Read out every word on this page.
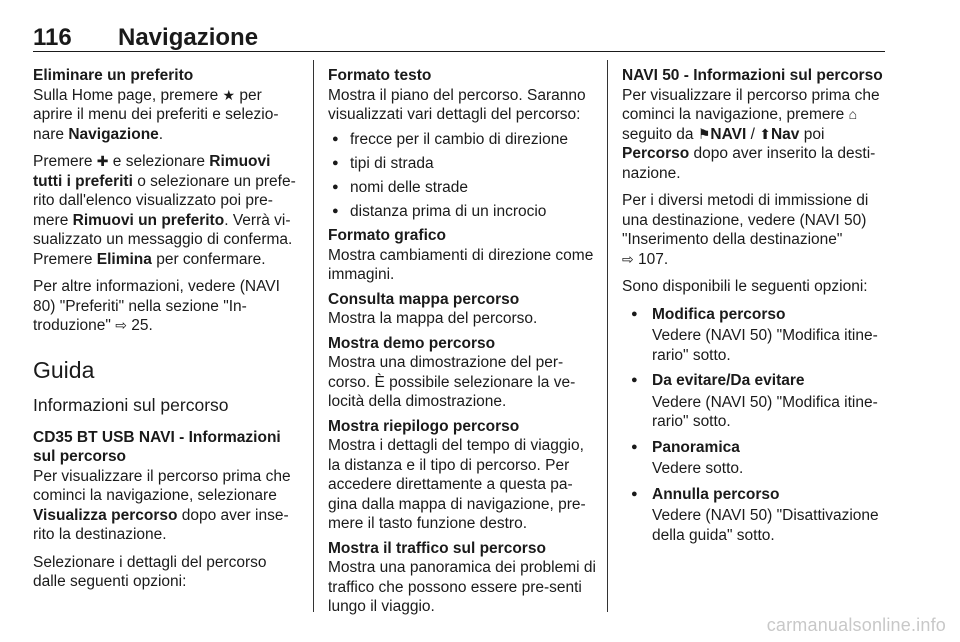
116 Navigazione
Eliminare un preferito

Sulla Home page, premere ★ per aprire il menu dei preferiti e selezio-nare Navigazione.

Premere ✚ e selezionare Rimuovi tutti i preferiti o selezionare un prefe-rito dall'elenco visualizzato poi pre-mere Rimuovi un preferito. Verrà vi-sualizzato un messaggio di conferma. Premere Elimina per confermare.

Per altre informazioni, vedere (NAVI 80) "Preferiti" nella sezione "In-troduzione" ⇨ 25.

Guida
Informazioni sul percorso
CD35 BT USB NAVI - Informazioni sul percorso

Per visualizzare il percorso prima che cominci la navigazione, selezionare Visualizza percorso dopo aver inse-rito la destinazione.

Selezionare i dettagli del percorso dalle seguenti opzioni:

Formato testo

Mostra il piano del percorso. Saranno visualizzati vari dettagli del percorso:

● frecce per il cambio di direzione
● tipi di strada
● nomi delle strade
● distanza prima di un incrocio
Formato grafico

Mostra cambiamenti di direzione come immagini.

Consulta mappa percorso

Mostra la mappa del percorso.

Mostra demo percorso

Mostra una dimostrazione del per-corso. È possibile selezionare la ve-locità della dimostrazione.

Mostra riepilogo percorso

Mostra i dettagli del tempo di viaggio, la distanza e il tipo di percorso. Per accedere direttamente a questa pa-gina dalla mappa di navigazione, pre-mere il tasto funzione destro.

Mostra il traffico sul percorso

Mostra una panoramica dei problemi di traffico che possono essere pre-senti lungo il viaggio.

NAVI 50 - Informazioni sul percorso

Per visualizzare il percorso prima che cominci la navigazione, premere ⌂ seguito da ⚑NAVI / ⬆Nav poi
Percorso dopo aver inserito la desti-nazione.

Per i diversi metodi di immissione di una destinazione, vedere (NAVI 50) "Inserimento della destinazione"
⇨ 107.

Sono disponibili le seguenti opzioni:

● Modifica percorso
Vedere (NAVI 50) "Modifica itine-rario" sotto.
● Da evitare/Da evitare
Vedere (NAVI 50) "Modifica itine-rario" sotto.
● Panoramica
Vedere sotto.
● Annulla percorso
Vedere (NAVI 50) "Disattivazione della guida" sotto.
carmanualsonline.info
